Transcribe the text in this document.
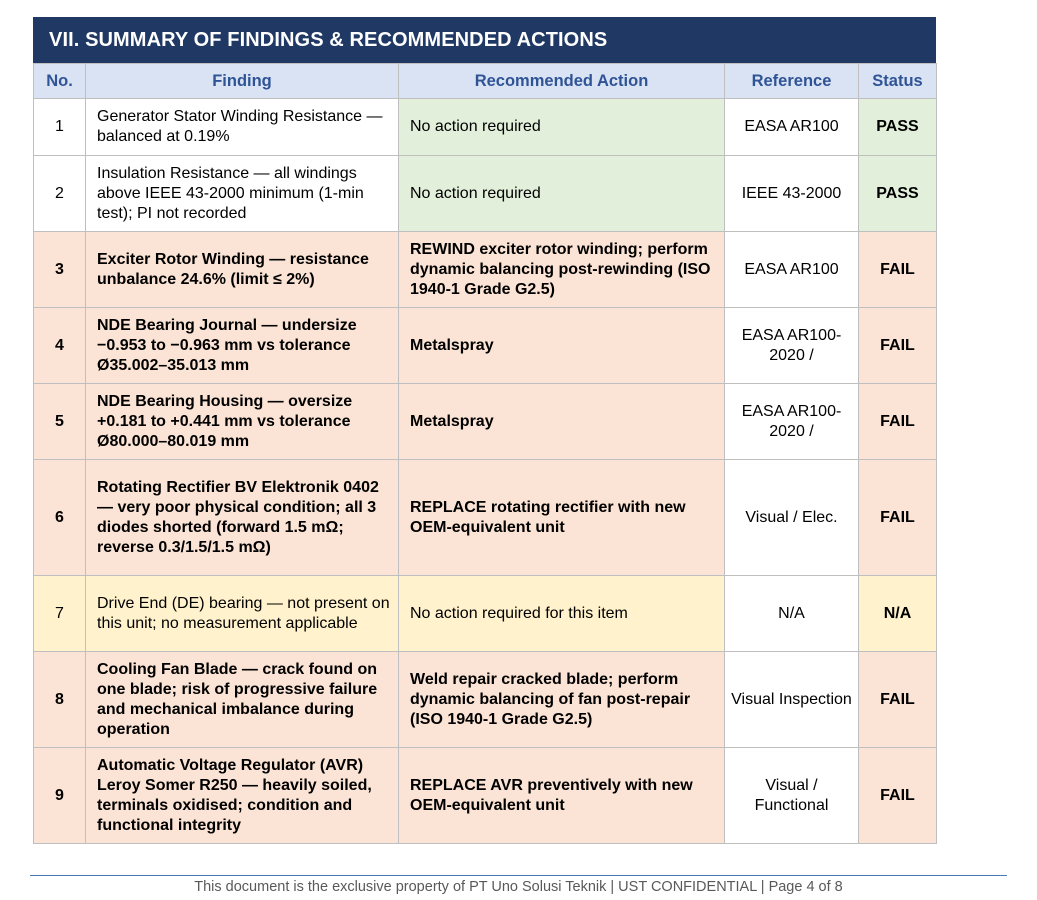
VII. SUMMARY OF FINDINGS & RECOMMENDED ACTIONS
No.	Finding	Recommended Action	Reference	Status
1	Generator Stator Winding Resistance — balanced at 0.19%	No action required	EASA AR100	PASS
2	Insulation Resistance — all windings above IEEE 43-2000 minimum (1-min test); PI not recorded	No action required	IEEE 43-2000	PASS
3	Exciter Rotor Winding — resistance unbalance 24.6% (limit ≤ 2%)	REWIND exciter rotor winding; perform dynamic balancing post-rewinding (ISO 1940-1 Grade G2.5)	EASA AR100	FAIL
4	NDE Bearing Journal — undersize −0.953 to −0.963 mm vs tolerance Ø35.002–35.013 mm	Metalspray	EASA AR100-2020 /	FAIL
5	NDE Bearing Housing — oversize +0.181 to +0.441 mm vs tolerance Ø80.000–80.019 mm	Metalspray	EASA AR100-2020 /	FAIL
6	Rotating Rectifier BV Elektronik 0402 — very poor physical condition; all 3 diodes shorted (forward 1.5 mΩ; reverse 0.3/1.5/1.5 mΩ)	REPLACE rotating rectifier with new OEM-equivalent unit	Visual / Elec.	FAIL
7	Drive End (DE) bearing — not present on this unit; no measurement applicable	No action required for this item	N/A	N/A
8	Cooling Fan Blade — crack found on one blade; risk of progressive failure and mechanical imbalance during operation	Weld repair cracked blade; perform dynamic balancing of fan post-repair (ISO 1940-1 Grade G2.5)	Visual Inspection	FAIL
9	Automatic Voltage Regulator (AVR) Leroy Somer R250 — heavily soiled, terminals oxidised; condition and functional integrity	REPLACE AVR preventively with new OEM-equivalent unit	Visual / Functional	FAIL
This document is the exclusive property of PT Uno Solusi Teknik | UST CONFIDENTIAL | Page 4 of 8
